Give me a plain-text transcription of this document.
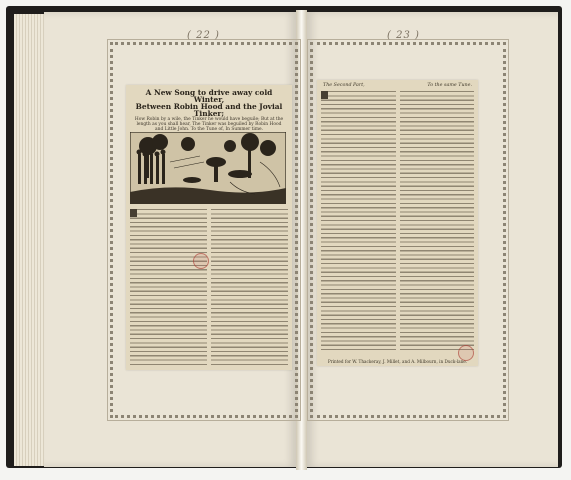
( 22 )	( 23 )

A New Song to drive away cold Winter,
Between Robin Hood and the Jovial Tinker;
How Robin by a wile, the Tinker he would have beguile; But at the length as you shall hear, The Tinker was beguiled by Robin Hood and Little John. To the Tune of, In Summer time.

The Second Part,	To the same Tune.
Printed for W. Thackeray, J. Millet, and A. Milbourn, in Duck-lane.
